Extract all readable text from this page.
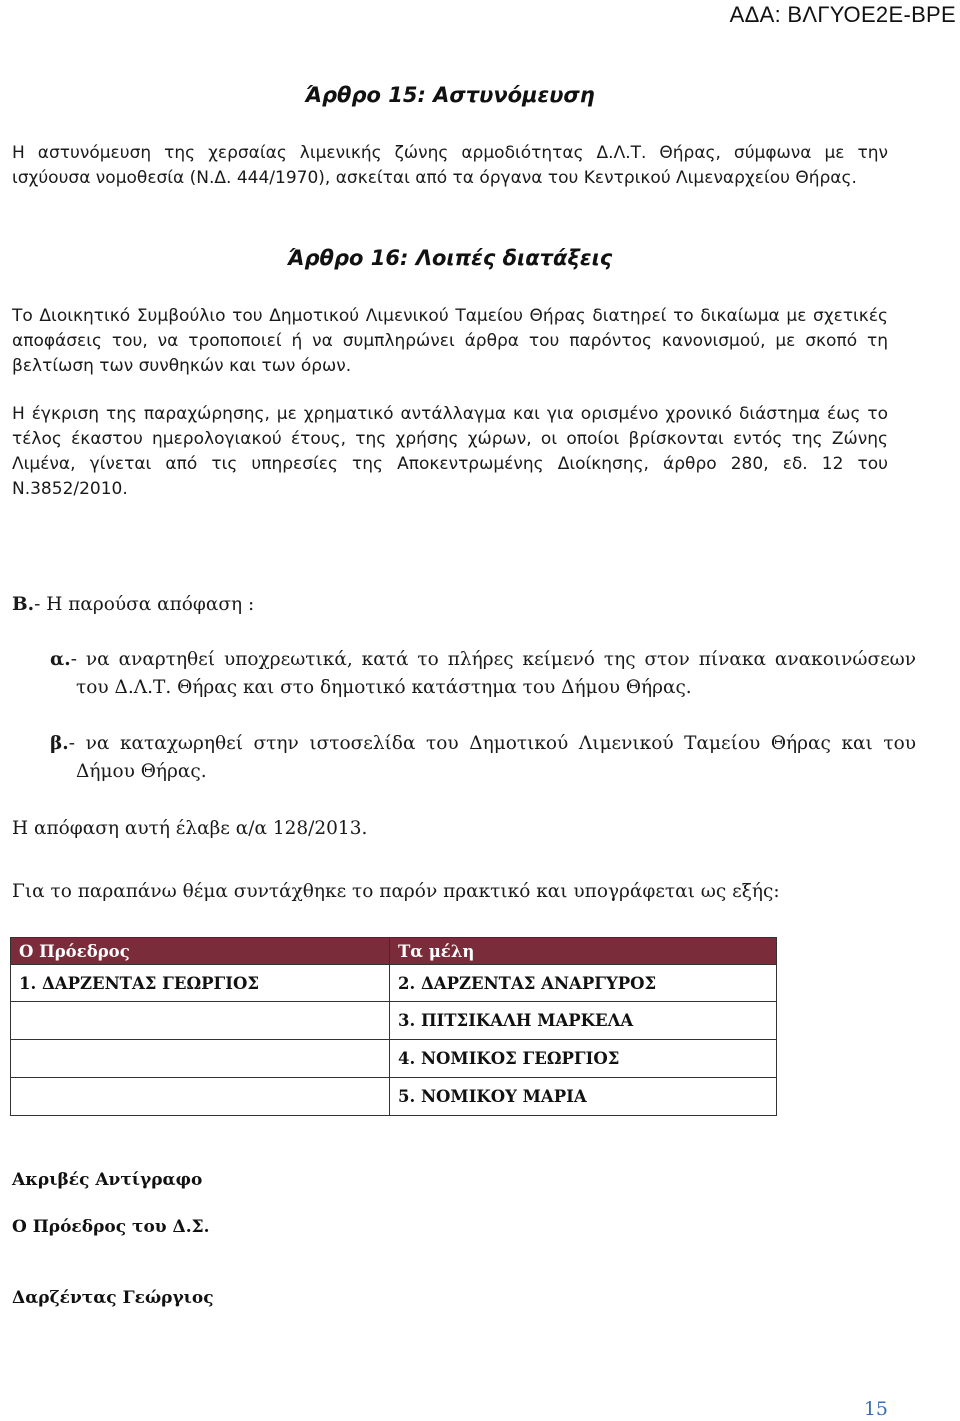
ΑΔΑ: ΒΛΓΥΟΕ2Ε-ΒΡΕ
Άρθρο 15: Αστυνόμευση

Η αστυνόμευση της χερσαίας λιμενικής ζώνης αρμοδιότητας Δ.Λ.Τ. Θήρας, σύμφωνα με την ισχύουσα νομοθεσία (Ν.Δ. 444/1970), ασκείται από τα όργανα του Κεντρικού Λιμεναρχείου Θήρας.

Άρθρο 16: Λοιπές διατάξεις

Το Διοικητικό Συμβούλιο του Δημοτικού Λιμενικού Ταμείου Θήρας διατηρεί το δικαίωμα με σχετικές αποφάσεις του, να τροποποιεί ή να συμπληρώνει άρθρα του παρόντος κανονισμού, με σκοπό τη βελτίωση των συνθηκών και των όρων.

Η έγκριση της παραχώρησης, με χρηματικό αντάλλαγμα και για ορισμένο χρονικό διάστημα έως το τέλος έκαστου ημερολογιακού έτους, της χρήσης χώρων, οι οποίοι βρίσκονται εντός της Ζώνης Λιμένα, γίνεται από τις υπηρεσίες της Αποκεντρωμένης Διοίκησης, άρθρο 280, εδ. 12 του Ν.3852/2010.

Β.- Η παρούσα απόφαση :

α.- να αναρτηθεί υποχρεωτικά, κατά το πλήρες κείμενό της στον πίνακα ανακοινώσεων του Δ.Λ.Τ. Θήρας και στο δημοτικό κατάστημα του Δήμου Θήρας.

β.- να καταχωρηθεί στην ιστοσελίδα του Δημοτικού Λιμενικού Ταμείου Θήρας και του Δήμου Θήρας.

Η απόφαση αυτή έλαβε α/α 128/2013.

Για το παραπάνω θέμα συντάχθηκε το παρόν πρακτικό και υπογράφεται ως εξής:

Ο Πρόεδρος	Τα μέλη
1. ΔΑΡΖΕΝΤΑΣ ΓΕΩΡΓΙΟΣ	2. ΔΑΡΖΕΝΤΑΣ ΑΝΑΡΓΥΡΟΣ
	3. ΠΙΤΣΙΚΑΛΗ ΜΑΡΚΕΛΑ
	4. ΝΟΜΙΚΟΣ ΓΕΩΡΓΙΟΣ
	5. ΝΟΜΙΚΟΥ ΜΑΡΙΑ
Ακριβές Αντίγραφο
Ο Πρόεδρος του Δ.Σ.
Δαρζέντας Γεώργιος
15
